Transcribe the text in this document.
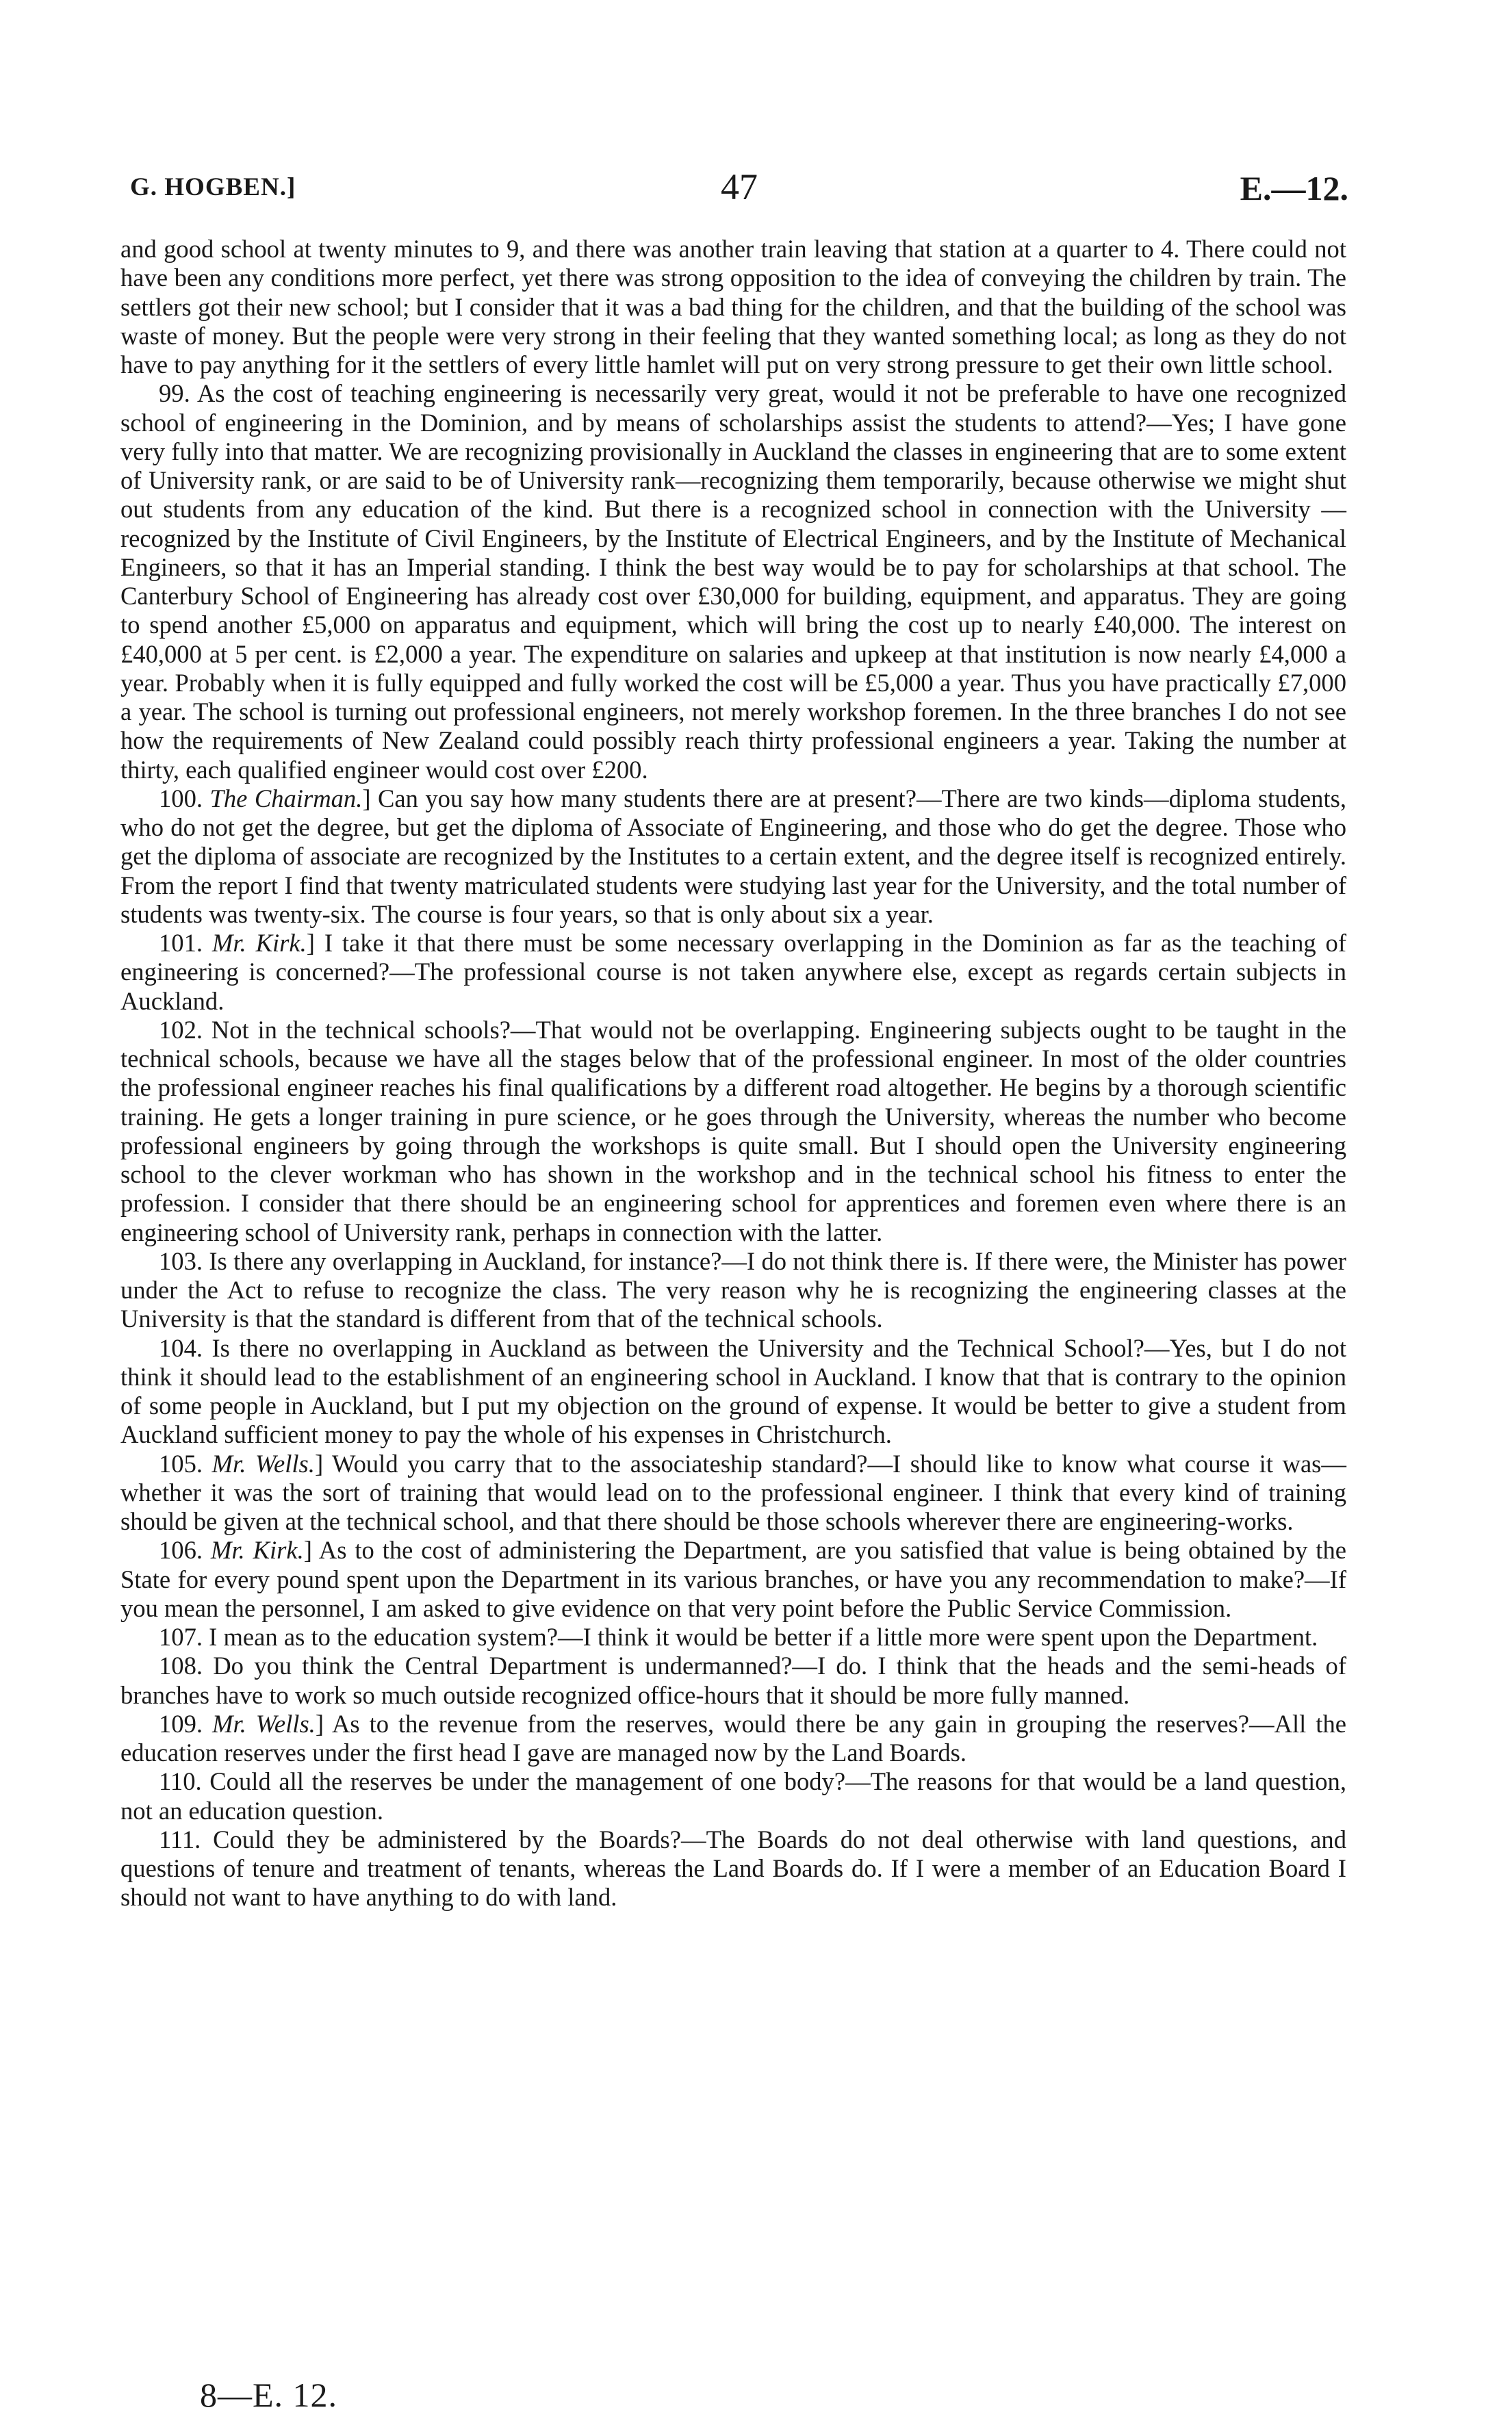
G. HOGBEN.]	47	E.—12.

and good school at twenty minutes to 9, and there was another train leaving that station at a quarter to 4. There could not have been any conditions more perfect, yet there was strong opposition to the idea of conveying the children by train. The settlers got their new school; but I consider that it was a bad thing for the children, and that the building of the school was waste of money. But the people were very strong in their feeling that they wanted something local; as long as they do not have to pay anything for it the settlers of every little hamlet will put on very strong pressure to get their own little school.

99. As the cost of teaching engineering is necessarily very great, would it not be preferable to have one recognized school of engineering in the Dominion, and by means of scholarships assist the students to attend?—Yes; I have gone very fully into that matter. We are recognizing provisionally in Auckland the classes in engineering that are to some extent of University rank, or are said to be of University rank—recognizing them temporarily, because otherwise we might shut out students from any education of the kind. But there is a recognized school in connection with the University — recognized by the Institute of Civil Engineers, by the Institute of Electrical Engineers, and by the Institute of Mechanical Engineers, so that it has an Imperial standing. I think the best way would be to pay for scholarships at that school. The Canterbury School of Engineering has already cost over £30,000 for building, equipment, and apparatus. They are going to spend another £5,000 on apparatus and equipment, which will bring the cost up to nearly £40,000. The interest on £40,000 at 5 per cent. is £2,000 a year. The expenditure on salaries and upkeep at that institution is now nearly £4,000 a year. Probably when it is fully equipped and fully worked the cost will be £5,000 a year. Thus you have practically £7,000 a year. The school is turning out professional engineers, not merely workshop foremen. In the three branches I do not see how the requirements of New Zealand could possibly reach thirty professional engineers a year. Taking the number at thirty, each qualified engineer would cost over £200.

100. The Chairman.] Can you say how many students there are at present?—There are two kinds—diploma students, who do not get the degree, but get the diploma of Associate of Engineering, and those who do get the degree. Those who get the diploma of associate are recognized by the Institutes to a certain extent, and the degree itself is recognized entirely. From the report I find that twenty matriculated students were studying last year for the University, and the total number of students was twenty-six. The course is four years, so that is only about six a year.

101. Mr. Kirk.] I take it that there must be some necessary overlapping in the Dominion as far as the teaching of engineering is concerned?—The professional course is not taken anywhere else, except as regards certain subjects in Auckland.

102. Not in the technical schools?—That would not be overlapping. Engineering subjects ought to be taught in the technical schools, because we have all the stages below that of the professional engineer. In most of the older countries the professional engineer reaches his final qualifications by a different road altogether. He begins by a thorough scientific training. He gets a longer training in pure science, or he goes through the University, whereas the number who become professional engineers by going through the workshops is quite small. But I should open the University engineering school to the clever workman who has shown in the workshop and in the technical school his fitness to enter the profession. I consider that there should be an engineering school for apprentices and foremen even where there is an engineering school of University rank, perhaps in connection with the latter.

103. Is there any overlapping in Auckland, for instance?—I do not think there is. If there were, the Minister has power under the Act to refuse to recognize the class. The very reason why he is recognizing the engineering classes at the University is that the standard is different from that of the technical schools.

104. Is there no overlapping in Auckland as between the University and the Technical School?—Yes, but I do not think it should lead to the establishment of an engineering school in Auckland. I know that that is contrary to the opinion of some people in Auckland, but I put my objection on the ground of expense. It would be better to give a student from Auckland sufficient money to pay the whole of his expenses in Christchurch.

105. Mr. Wells.] Would you carry that to the associateship standard?—I should like to know what course it was—whether it was the sort of training that would lead on to the professional engineer. I think that every kind of training should be given at the technical school, and that there should be those schools wherever there are engineering-works.

106. Mr. Kirk.] As to the cost of administering the Department, are you satisfied that value is being obtained by the State for every pound spent upon the Department in its various branches, or have you any recommendation to make?—If you mean the personnel, I am asked to give evidence on that very point before the Public Service Commission.

107. I mean as to the education system?—I think it would be better if a little more were spent upon the Department.

108. Do you think the Central Department is undermanned?—I do. I think that the heads and the semi-heads of branches have to work so much outside recognized office-hours that it should be more fully manned.

109. Mr. Wells.] As to the revenue from the reserves, would there be any gain in grouping the reserves?—All the education reserves under the first head I gave are managed now by the Land Boards.

110. Could all the reserves be under the management of one body?—The reasons for that would be a land question, not an education question.

111. Could they be administered by the Boards?—The Boards do not deal otherwise with land questions, and questions of tenure and treatment of tenants, whereas the Land Boards do. If I were a member of an Education Board I should not want to have anything to do with land.

8—E. 12.
